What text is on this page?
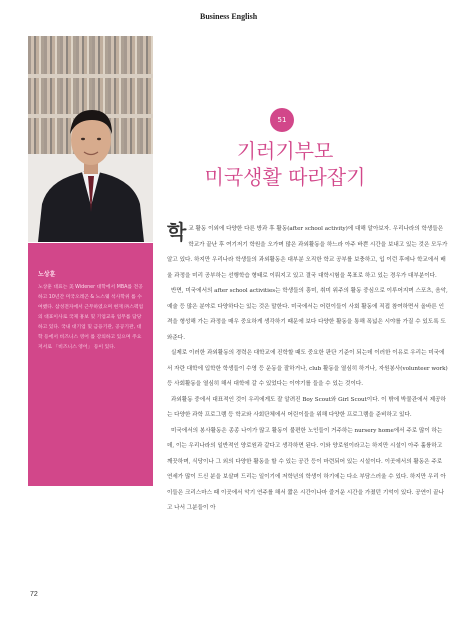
Business English
노상훈

노상훈 대표는 美 Widener 대학에서 MBA를 전공하고 10년간 미국오레곤 & 노스웨 석사학위 를 수여했다. 삼성전자에서 근무하였으며 현재 ㈜스펙업의 대표이사로 국제 홍보 및 기업교육 업무를 담당하고 있다. 국내 대기업 및 금융기관, 공공기관, 대학 등에서 비즈니스 영어 를 강의하고 있으며 주요 저서로 「비즈니스 영어」 등이 있다.

51
기러기부모
미국생활 따라잡기

학교 활동 이외에 다양한 다른 방과 후 활동(after school activity)에 대해 알아보자. 우리나라의 학생들은 학교가 끝난 후 여기저기 학원을 오가며 많은 과외활동을 하느라 아주 바쁜 시간을 보내고 있는 것은 모두가 알고 있다. 하지만 우리나라 학생들의 과외활동은 대부분 오직한 학교 공부를 보충하고, 입 이런 후에나 학교에서 배울 과정을 미리 공부하는 선행학습 형태로 이뤄지고 있고 결국 대학시험을 목표로 하고 있는 경우가 대부분이다.

반면, 미국에서의 after school activities는 학생들의 흥미, 취미 위주의 활동 중심으로 이루어지며 스포츠, 음악, 예술 등 많은 분야로 다양하다는 있는 것은 말한다. 미국에서는 어린이들이 사회 활동에 직접 참여하면서 올바른 인격을 형성해 가는 과정을 매우 중요하게 생각하기 때문에 보다 다양한 활동을 통해 폭넓은 시야를 가질 수 있도록 도와준다.

실제로 이러한 과외활동의 경력은 대학교에 진학할 때도 중요한 판단 기준이 되는데 이러한 이유로 우리는 미국에서 자란 대학에 입학한 학생들이 수영 등 운동을 잘하거나, club 활동을 열심히 하거나, 자원봉사(volunteer work) 등 사회활동을 열심히 해서 대학에 갈 수 있었다는 이야기를 들을 수 있는 것이다.

과외활동 중에서 대표적인 것이 우리에게도 잘 알려진 Boy Scout와 Girl Scout이다. 이 밖에 박물관에서 제공하는 다양한 과학 프로그램 등 학교와 사회단체에서 어린이들을 위해 다양한 프로그램을 준비하고 있다.

미국에서의 봉사활동은 종종 나이가 많고 활동이 불편한 노인들이 거주하는 nursery home에서 주로 많이 하는데, 이는 우리나라의 일반적인 양로원과 같다고 생각하면 된다. 이와 양로원이라고는 하지만 시설이 아주 훌륭하고 깨끗하며, 식당이나 그 외의 다양한 활동을 할 수 있는 공간 등이 마련되어 있는 시설이다. 이곳에서의 활동은 주로 연세가 많이 드신 분을 보살펴 드리는 일이기에 저학년의 학생이 하기에는 다소 부담스러울 수 있다. 하지만 우리 아이들은 크리스마스 때 이곳에서 악기 연주를 해서 짧은 시간이나마 즐거운 시간을 가졌던 기억이 있다. 공연이 끝나고 나서 그분들이 아

72
